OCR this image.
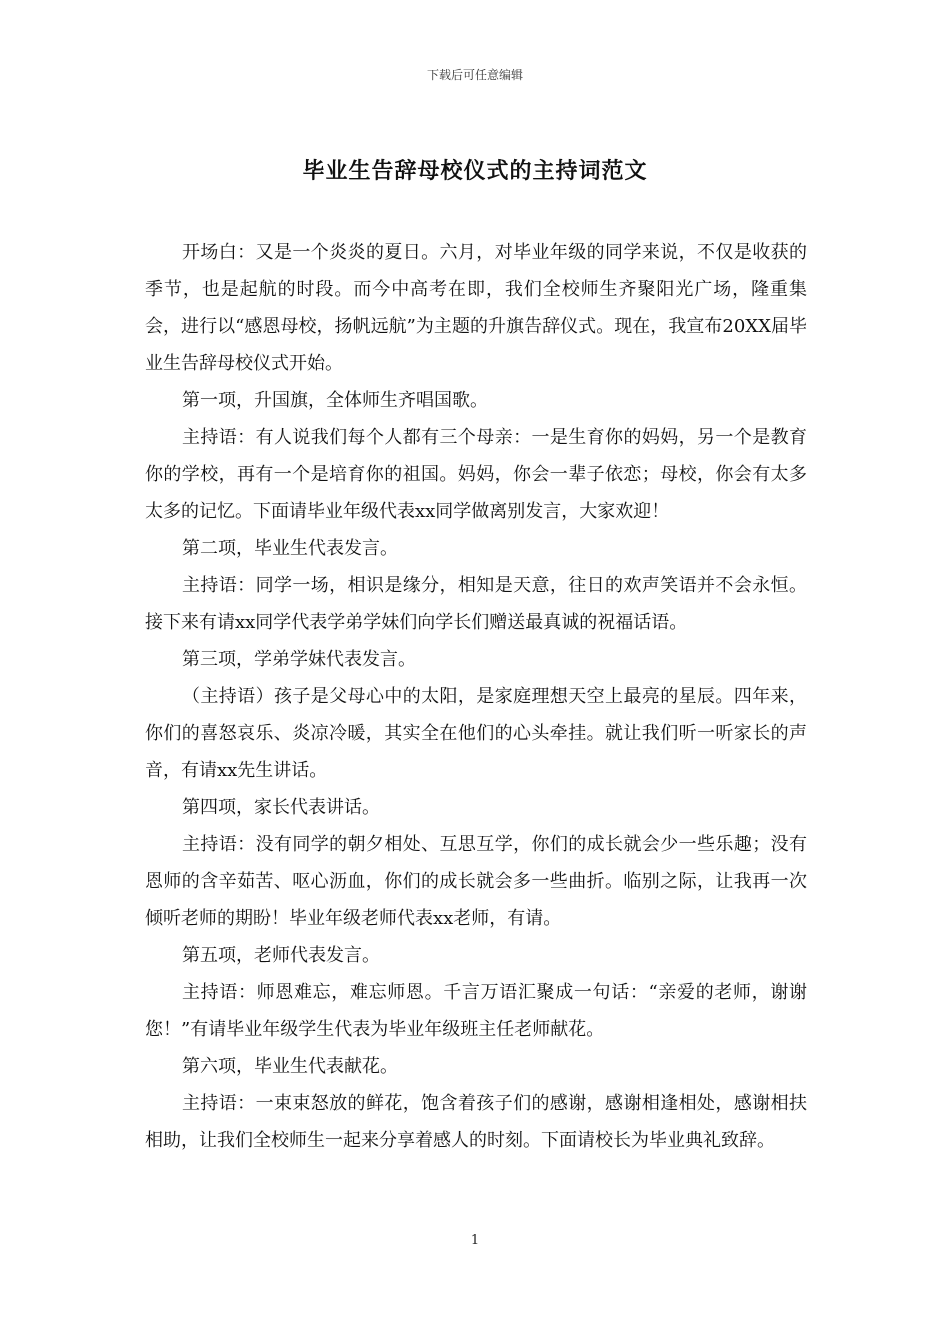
下载后可任意编辑
毕业生告辞母校仪式的主持词范文

开场白：又是一个炎炎的夏日。六月，对毕业年级的同学来说，不仅是收获的季节，也是起航的时段。而今中高考在即，我们全校师生齐聚阳光广场，隆重集会，进行以“感恩母校，扬帆远航”为主题的升旗告辞仪式。现在，我宣布20XX届毕业生告辞母校仪式开始。

第一项，升国旗，全体师生齐唱国歌。

主持语：有人说我们每个人都有三个母亲：一是生育你的妈妈，另一个是教育你的学校，再有一个是培育你的祖国。妈妈，你会一辈子依恋；母校，你会有太多太多的记忆。下面请毕业年级代表xx同学做离别发言，大家欢迎！

第二项，毕业生代表发言。

主持语：同学一场，相识是缘分，相知是天意，往日的欢声笑语并不会永恒。接下来有请xx同学代表学弟学妹们向学长们赠送最真诚的祝福话语。

第三项，学弟学妹代表发言。

（主持语）孩子是父母心中的太阳，是家庭理想天空上最亮的星辰。四年来，你们的喜怒哀乐、炎凉冷暖，其实全在他们的心头牵挂。就让我们听一听家长的声音，有请xx先生讲话。

第四项，家长代表讲话。

主持语：没有同学的朝夕相处、互思互学，你们的成长就会少一些乐趣；没有恩师的含辛茹苦、呕心沥血，你们的成长就会多一些曲折。临别之际，让我再一次倾听老师的期盼！毕业年级老师代表xx老师，有请。

第五项，老师代表发言。

主持语：师恩难忘，难忘师恩。千言万语汇聚成一句话：“亲爱的老师，谢谢您！”有请毕业年级学生代表为毕业年级班主任老师献花。

第六项，毕业生代表献花。

主持语：一束束怒放的鲜花，饱含着孩子们的感谢，感谢相逢相处，感谢相扶相助，让我们全校师生一起来分享着感人的时刻。下面请校长为毕业典礼致辞。

1
